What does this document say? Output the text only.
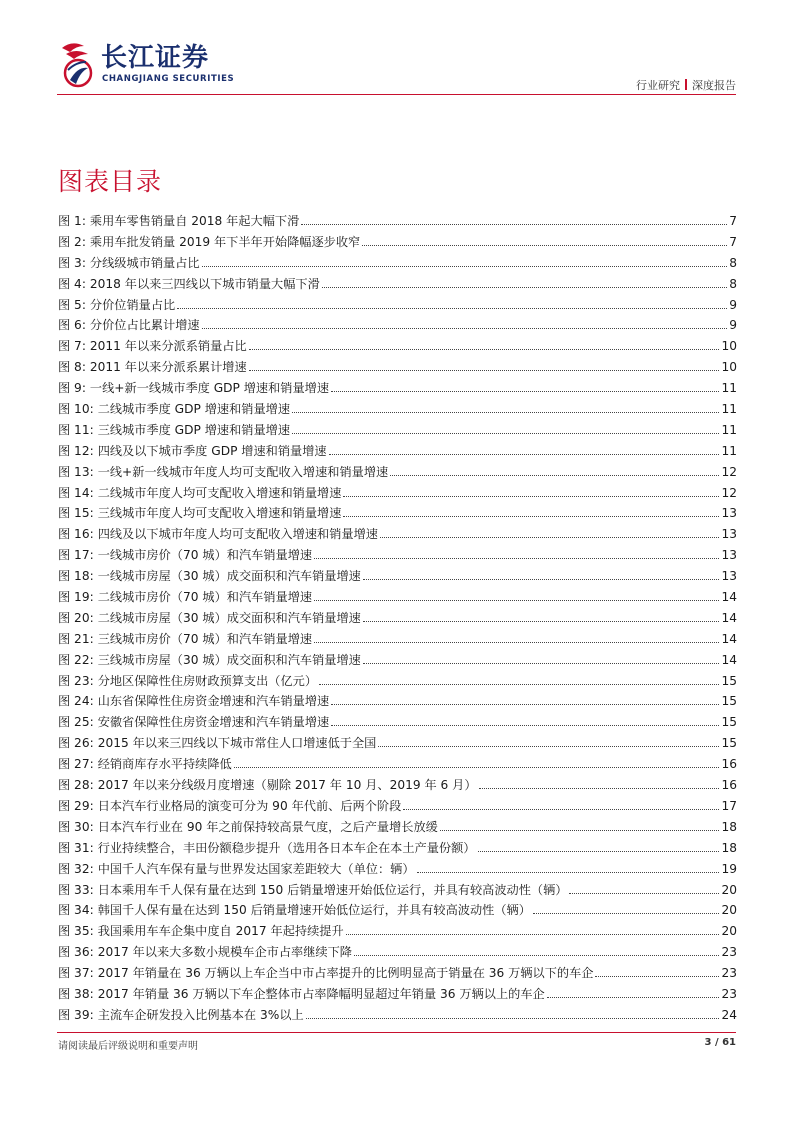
长江证券
CHANGJIANG SECURITIES	行业研究 深度报告
图表目录
图 1: 乘用车零售销量自 2018 年起大幅下滑	7
图 2: 乘用车批发销量 2019 年下半年开始降幅逐步收窄	7
图 3: 分线级城市销量占比	8
图 4: 2018 年以来三四线以下城市销量大幅下滑	8
图 5: 分价位销量占比	9
图 6: 分价位占比累计增速	9
图 7: 2011 年以来分派系销量占比	10
图 8: 2011 年以来分派系累计增速	10
图 9: 一线+新一线城市季度 GDP 增速和销量增速	11
图 10: 二线城市季度 GDP 增速和销量增速	11
图 11: 三线城市季度 GDP 增速和销量增速	11
图 12: 四线及以下城市季度 GDP 增速和销量增速	11
图 13: 一线+新一线城市年度人均可支配收入增速和销量增速	12
图 14: 二线城市年度人均可支配收入增速和销量增速	12
图 15: 三线城市年度人均可支配收入增速和销量增速	13
图 16: 四线及以下城市年度人均可支配收入增速和销量增速	13
图 17: 一线城市房价（70 城）和汽车销量增速	13
图 18: 一线城市房屋（30 城）成交面积和汽车销量增速	13
图 19: 二线城市房价（70 城）和汽车销量增速	14
图 20: 二线城市房屋（30 城）成交面积和汽车销量增速	14
图 21: 三线城市房价（70 城）和汽车销量增速	14
图 22: 三线城市房屋（30 城）成交面积和汽车销量增速	14
图 23: 分地区保障性住房财政预算支出（亿元）	15
图 24: 山东省保障性住房资金增速和汽车销量增速	15
图 25: 安徽省保障性住房资金增速和汽车销量增速	15
图 26: 2015 年以来三四线以下城市常住人口增速低于全国	15
图 27: 经销商库存水平持续降低	16
图 28: 2017 年以来分线级月度增速（剔除 2017 年 10 月、2019 年 6 月）	16
图 29: 日本汽车行业格局的演变可分为 90 年代前、后两个阶段	17
图 30: 日本汽车行业在 90 年之前保持较高景气度，之后产量增长放缓	18
图 31: 行业持续整合，丰田份额稳步提升（选用各日本车企在本土产量份额）	18
图 32: 中国千人汽车保有量与世界发达国家差距较大（单位：辆）	19
图 33: 日本乘用车千人保有量在达到 150 后销量增速开始低位运行，并具有较高波动性（辆）	20
图 34: 韩国千人保有量在达到 150 后销量增速开始低位运行，并具有较高波动性（辆）	20
图 35: 我国乘用车车企集中度自 2017 年起持续提升	20
图 36: 2017 年以来大多数小规模车企市占率继续下降	23
图 37: 2017 年销量在 36 万辆以上车企当中市占率提升的比例明显高于销量在 36 万辆以下的车企	23
图 38: 2017 年销量 36 万辆以下车企整体市占率降幅明显超过年销量 36 万辆以上的车企	23
图 39: 主流车企研发投入比例基本在 3%以上	24
请阅读最后评级说明和重要声明	3 / 61
